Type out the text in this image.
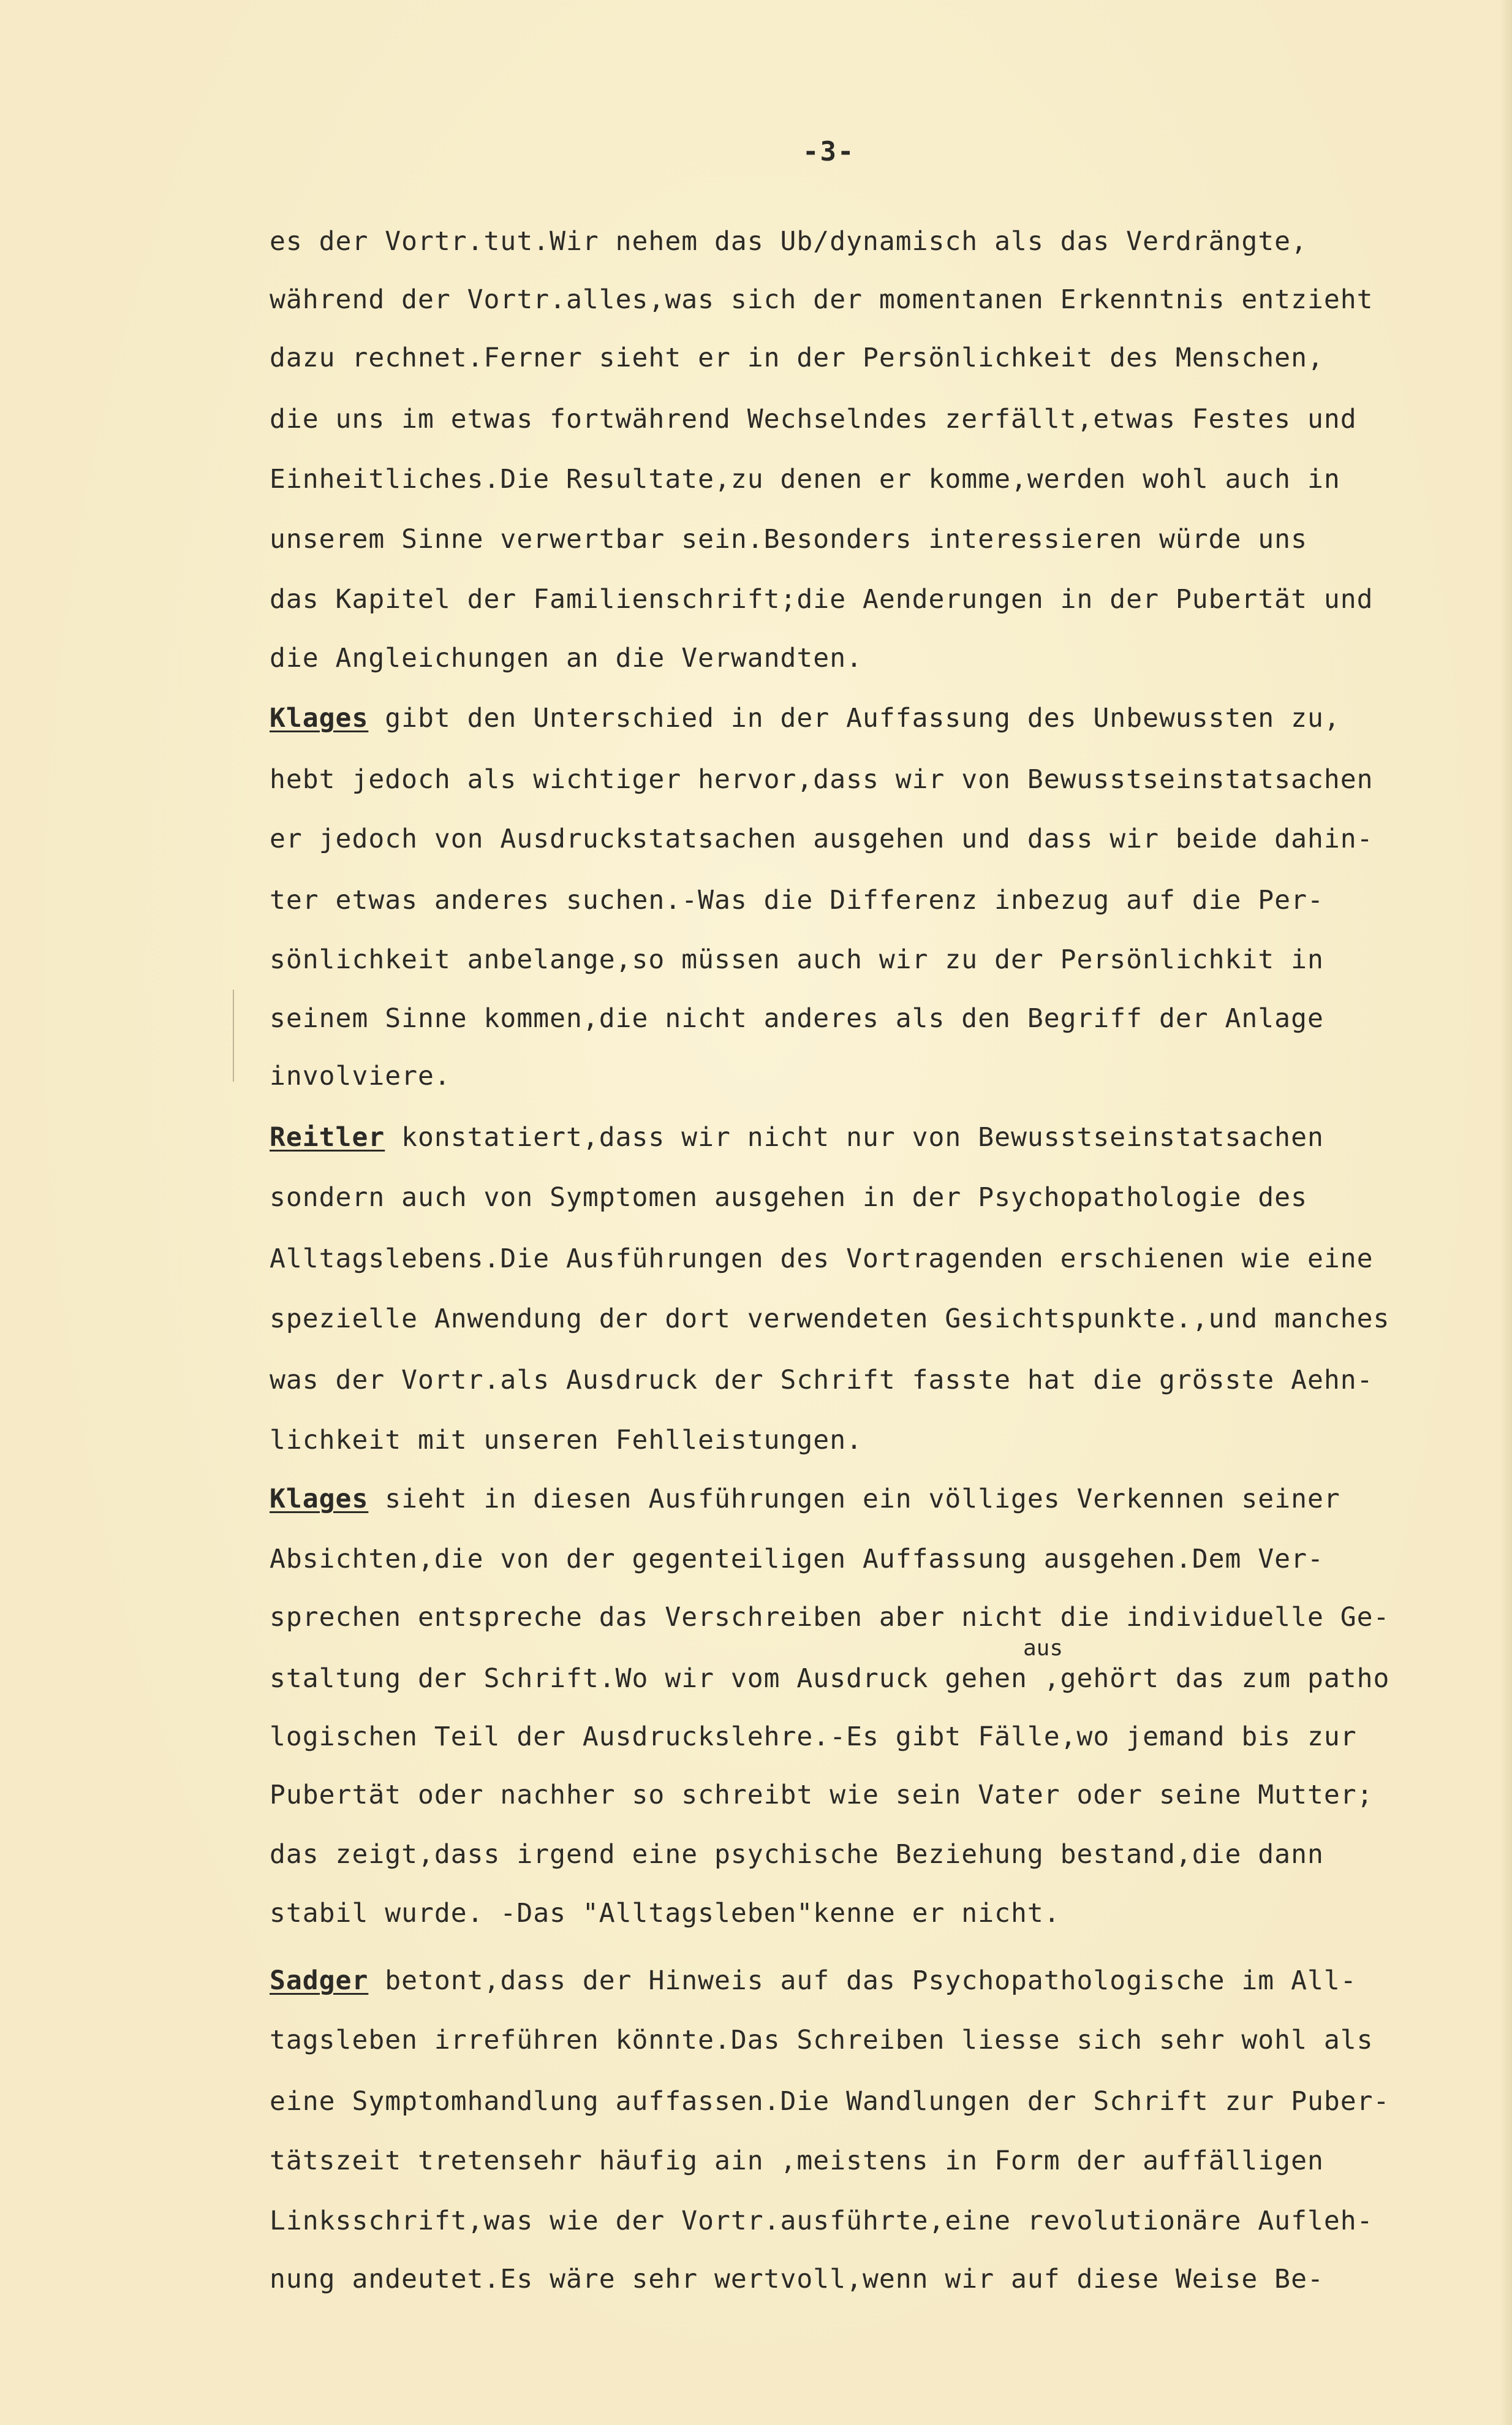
-3-
es der Vortr.tut.Wir nehem das Ub/dynamisch als das Verdrängte,
während der Vortr.alles,was sich der momentanen Erkenntnis entzieht
dazu rechnet.Ferner sieht er in der Persönlichkeit des Menschen,
die uns im etwas fortwährend Wechselndes zerfällt,etwas Festes und
Einheitliches.Die Resultate,zu denen er komme,werden wohl auch in
unserem Sinne verwertbar sein.Besonders interessieren würde uns
das Kapitel der Familienschrift;die Aenderungen in der Pubertät und
die Angleichungen an die Verwandten.
Klages gibt den Unterschied in der Auffassung des Unbewussten zu,
hebt jedoch als wichtiger hervor,dass wir von Bewusstseinstatsachen
er jedoch von Ausdruckstatsachen ausgehen und dass wir beide dahin-
ter etwas anderes suchen.-Was die Differenz inbezug auf die Per-
sönlichkeit anbelange,so müssen auch wir zu der Persönlichkit in
seinem Sinne kommen,die nicht anderes als den Begriff der Anlage
involviere.
Reitler konstatiert,dass wir nicht nur von Bewusstseinstatsachen
sondern auch von Symptomen ausgehen in der Psychopathologie des
Alltagslebens.Die Ausführungen des Vortragenden erschienen wie eine
spezielle Anwendung der dort verwendeten Gesichtspunkte.,und manches
was der Vortr.als Ausdruck der Schrift fasste hat die grösste Aehn-
lichkeit mit unseren Fehlleistungen.
Klages sieht in diesen Ausführungen ein völliges Verkennen seiner
Absichten,die von der gegenteiligen Auffassung ausgehen.Dem Ver-
sprechen entspreche das Verschreiben aber nicht die individuelle Ge-
aus
staltung der Schrift.Wo wir vom Ausdruck gehen ,gehört das zum patho
logischen Teil der Ausdruckslehre.-Es gibt Fälle,wo jemand bis zur
Pubertät oder nachher so schreibt wie sein Vater oder seine Mutter;
das zeigt,dass irgend eine psychische Beziehung bestand,die dann
stabil wurde. -Das "Alltagsleben"kenne er nicht.
Sadger betont,dass der Hinweis auf das Psychopathologische im All-
tagsleben irreführen könnte.Das Schreiben liesse sich sehr wohl als
eine Symptomhandlung auffassen.Die Wandlungen der Schrift zur Puber-
tätszeit tretensehr häufig ain ,meistens in Form der auffälligen
Linksschrift,was wie der Vortr.ausführte,eine revolutionäre Aufleh-
nung andeutet.Es wäre sehr wertvoll,wenn wir auf diese Weise Be-
